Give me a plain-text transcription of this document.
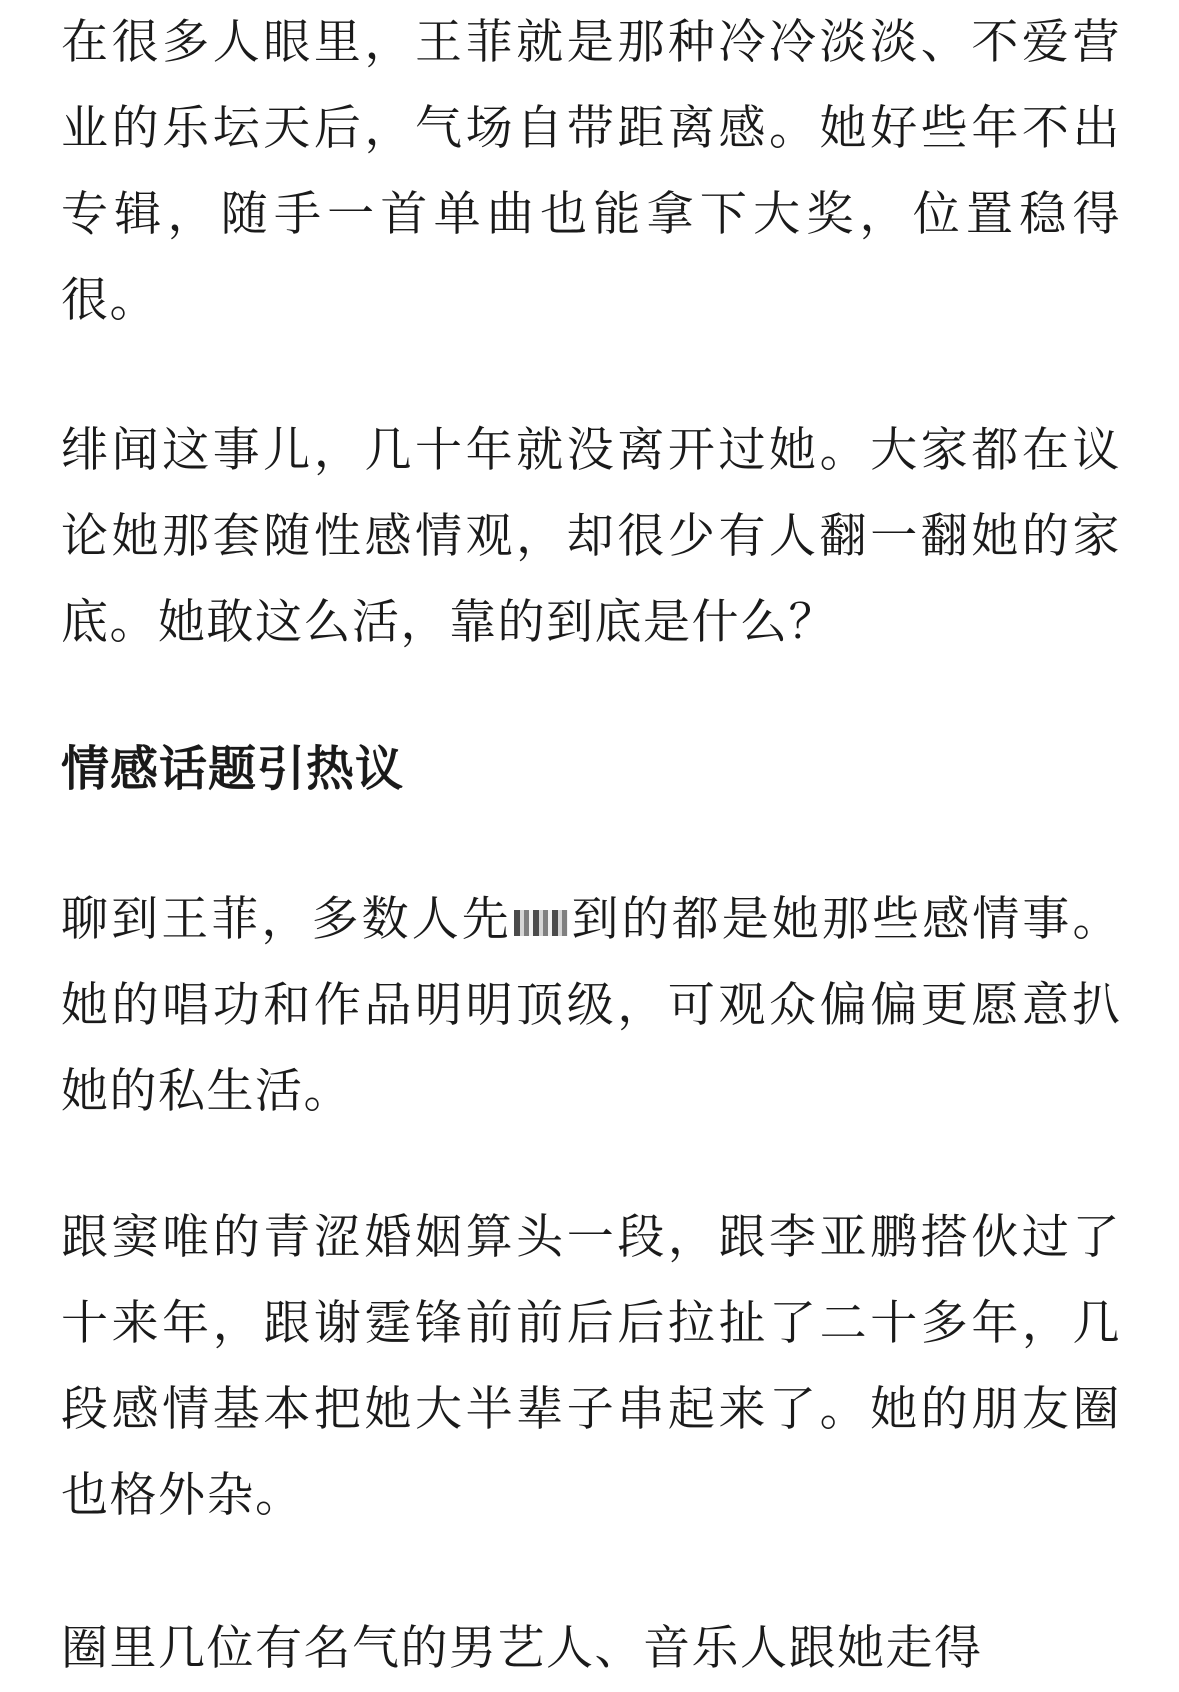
在很多人眼里，王菲就是那种冷冷淡淡、不爱营业的乐坛天后，气场自带距离感。她好些年不出专辑，随手一首单曲也能拿下大奖，位置稳得很。

绯闻这事儿，几十年就没离开过她。大家都在议论她那套随性感情观，却很少有人翻一翻她的家底。她敢这么活，靠的到底是什么？

情感话题引热议

聊到王菲，多数人先 到的都是她那些感情事。她的唱功和作品明明顶级，可观众偏偏更愿意扒她的私生活。

跟窦唯的青涩婚姻算头一段，跟李亚鹏搭伙过了十来年，跟谢霆锋前前后后拉扯了二十多年，几段感情基本把她大半辈子串起来了。她的朋友圈也格外杂。

圈里几位有名气的男艺人、音乐人跟她走得
